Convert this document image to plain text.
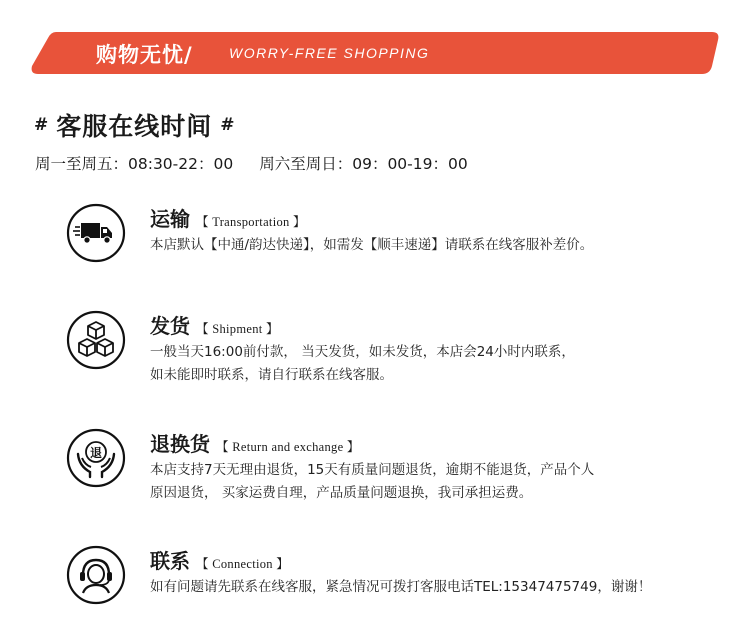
购物无忧/	WORRY-FREE SHOPPING
# 客服在线时间 #
周一至周五：08:30-22：00 周六至周日：09：00-19：00
运输 【 Transportation 】

本店默认【中通/韵达快递】，如需发【顺丰速递】请联系在线客服补差价。

发货 【 Shipment 】

一般当天16:00前付款， 当天发货，如未发货，本店会24小时内联系，

如未能即时联系，请自行联系在线客服。

退 退换货 【 Return and exchange 】

本店支持7天无理由退货，15天有质量问题退货，逾期不能退货，产品个人

原因退货， 买家运费自理，产品质量问题退换，我司承担运费。

联系 【 Connection 】

如有问题请先联系在线客服，紧急情况可拨打客服电话TEL:15347475749，谢谢！
